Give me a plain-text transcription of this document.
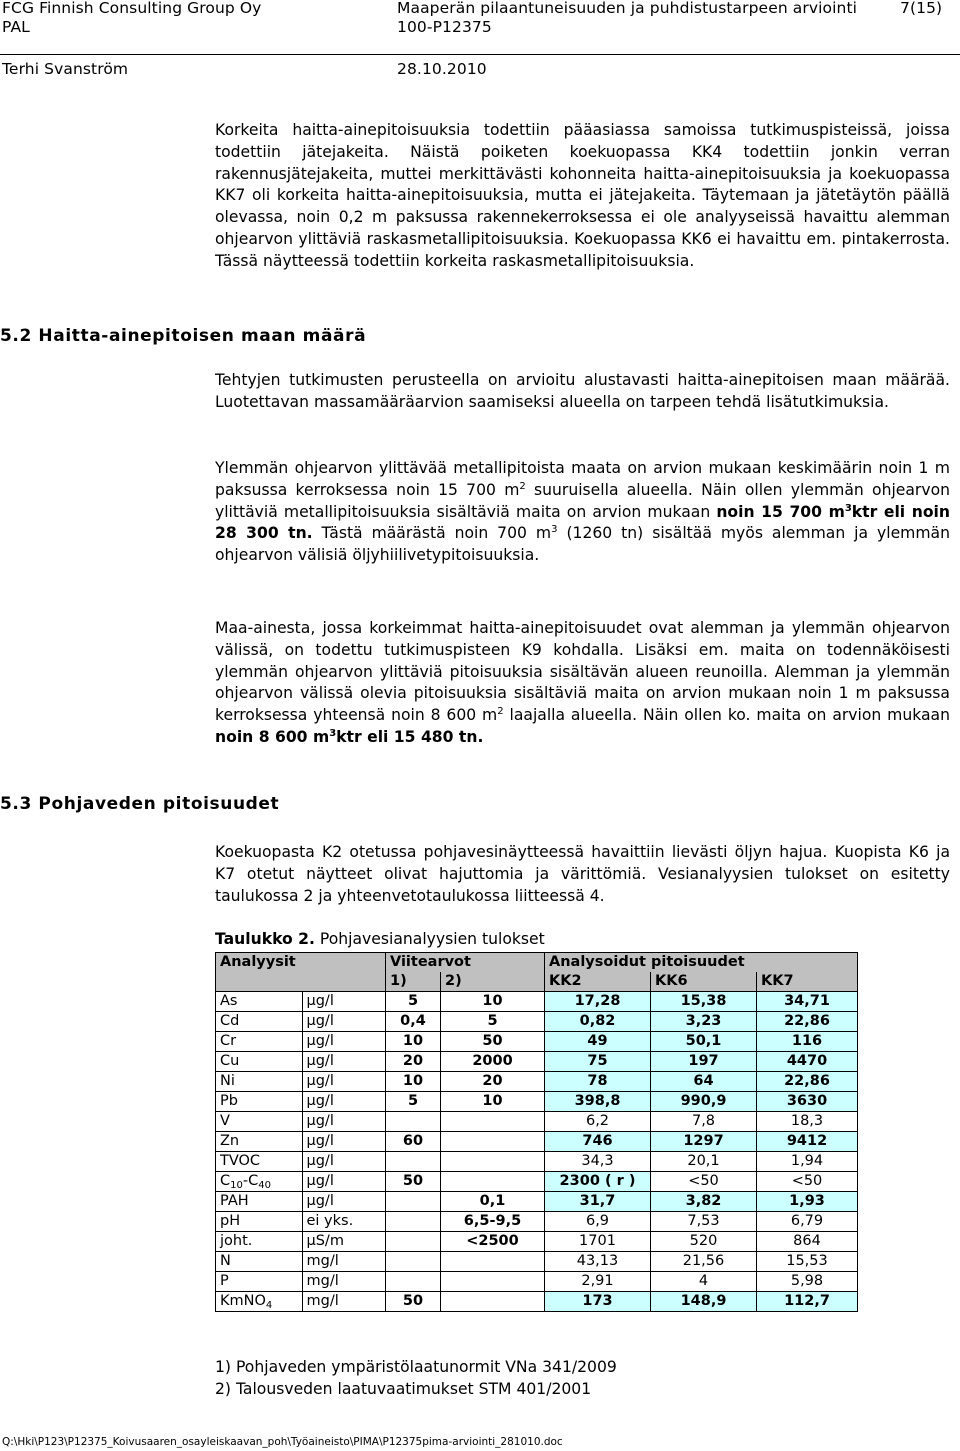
FCG Finnish Consulting Group Oy	Maaperän pilaantuneisuuden ja puhdistustarpeen arviointi	7(15)
PAL	100-P12375
Terhi Svanström	28.10.2010

Korkeita haitta-ainepitoisuuksia todettiin pääasiassa samoissa tutkimuspisteissä, joissa todettiin jätejakeita. Näistä poiketen koekuopassa KK4 todettiin jonkin verran rakennusjätejakeita, muttei merkittävästi kohonneita haitta-ainepitoisuuksia ja koekuopassa KK7 oli korkeita haitta-ainepitoisuuksia, mutta ei jätejakeita. Täytemaan ja jätetäytön päällä olevassa, noin 0,2 m paksussa rakennekerroksessa ei ole analyyseissä havaittu alemman ohjearvon ylittäviä raskasmetallipitoisuuksia. Koekuopassa KK6 ei havaittu em. pintakerrosta. Tässä näytteessä todettiin korkeita raskasmetallipitoisuuksia.

5.2 Haitta-ainepitoisen maan määrä

Tehtyjen tutkimusten perusteella on arvioitu alustavasti haitta-ainepitoisen maan määrää. Luotettavan massamääräarvion saamiseksi alueella on tarpeen tehdä lisätutkimuksia.

Ylemmän ohjearvon ylittävää metallipitoista maata on arvion mukaan keskimäärin noin 1 m paksussa kerroksessa noin 15 700 $m^2$ suuruisella alueella. Näin ollen ylemmän ohjearvon ylittäviä metallipitoisuuksia sisältäviä maita on arvion mukaan noin 15 700 $m^3ktr$ eli noin 28 300 tn. Tästä määrästä noin 700 $m^3$ (1260 tn) sisältää myös alemman ja ylemmän ohjearvon välisiä öljyhiilivetypitoisuuksia.

Maa-ainesta, jossa korkeimmat haitta-ainepitoisuudet ovat alemman ja ylemmän ohjearvon välissä, on todettu tutkimuspisteen K9 kohdalla. Lisäksi em. maita on todennäköisesti ylemmän ohjearvon ylittäviä pitoisuuksia sisältävän alueen reunoilla. Alemman ja ylemmän ohjearvon välissä olevia pitoisuuksia sisältäviä maita on arvion mukaan noin 1 m paksussa kerroksessa yhteensä noin 8 600 $m^2$ laajalla alueella. Näin ollen ko. maita on arvion mukaan noin 8 600 $m^3ktr$ eli 15 480 tn.

5.3 Pohjaveden pitoisuudet

Koekuopasta K2 otetussa pohjavesinäytteessä havaittiin lievästi öljyn hajua. Kuopista K6 ja K7 otetut näytteet olivat hajuttomia ja värittömiä. Vesianalyysien tulokset on esitetty taulukossa 2 ja yhteenvetotaulukossa liitteessä 4.

Taulukko 2. Pohjavesianalyysien tulokset
Analyysit		Viitearvot		Analysoidut pitoisuudet		
		1)	2)	KK2	KK6	KK7
As	µg/l	5	10	17,28	15,38	34,71
Cd	µg/l	0,4	5	0,82	3,23	22,86
Cr	µg/l	10	50	49	50,1	116
Cu	µg/l	20	2000	75	197	4470
Ni	µg/l	10	20	78	64	22,86
Pb	µg/l	5	10	398,8	990,9	3630
V	µg/l			6,2	7,8	18,3
Zn	µg/l	60		746	1297	9412
TVOC	µg/l			34,3	20,1	1,94
$C_{10}-C_{40}$	µg/l	50		2300 ( r )	<50	<50
PAH	µg/l		0,1	31,7	3,82	1,93
pH	ei yks.		6,5-9,5	6,9	7,53	6,79
joht.	µS/m		<2500	1701	520	864
N	mg/l			43,13	21,56	15,53
P	mg/l			2,91	4	5,98
KmNO$_4$	mg/l	50		173	148,9	112,7
1) Pohjaveden ympäristölaatunormit VNa 341/2009
2) Talousveden laatuvaatimukset STM 401/2001
Q:\Hki\P123\P12375_Koivusaaren_osayleiskaavan_poh\Työaineisto\PIMA\P12375pima-arviointi_281010.doc
